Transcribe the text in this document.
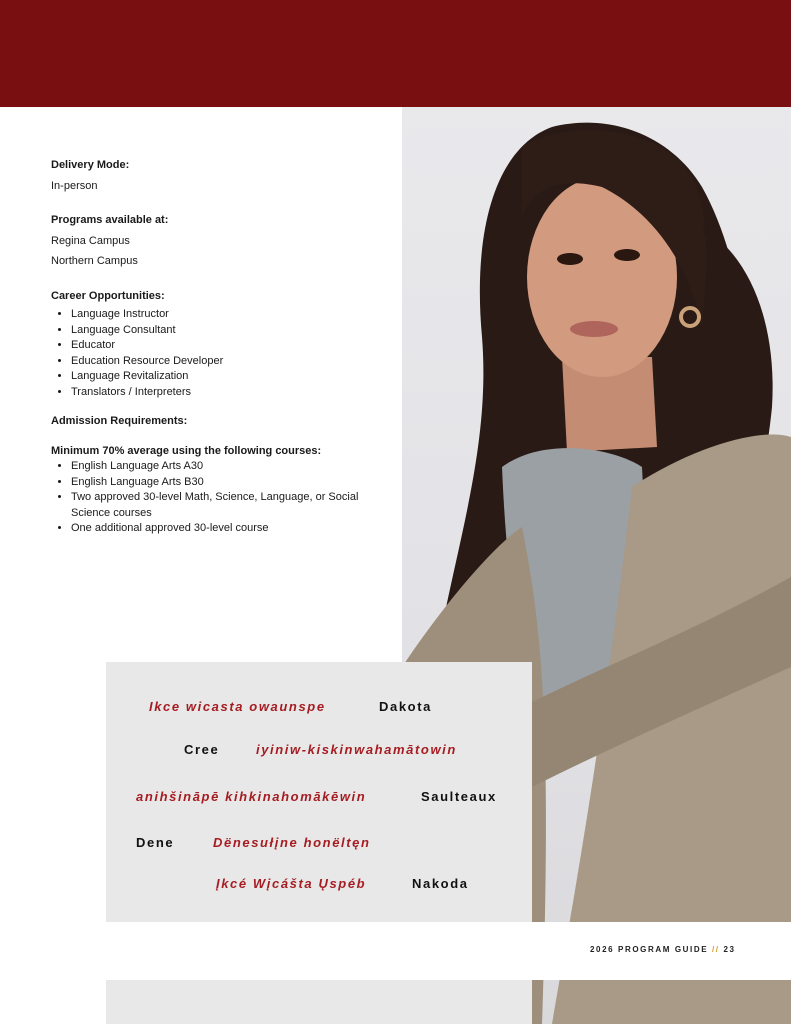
Delivery Mode:

In-person

Programs available at:

Regina Campus

Northern Campus

Career Opportunities:

• Language Instructor
• Language Consultant
• Educator
• Education Resource Developer
• Language Revitalization
• Translators / Interpreters

Admission Requirements:

Minimum 70% average using the following courses:

• English Language Arts A30
• English Language Arts B30
• Two approved 30-level Math, Science, Language, or Social Science courses
• One additional approved 30-level course
Ikce wicasta owaunspe	Dakota
Cree	iyiniw-kiskinwahamātowin
anihšināpē kihkinahomākēwin	Saulteaux
Dene	Dënesułįne honëltęn
Įkcé Wįcášta Ųspéb	Nakoda
2026 PROGRAM GUIDE // 23
